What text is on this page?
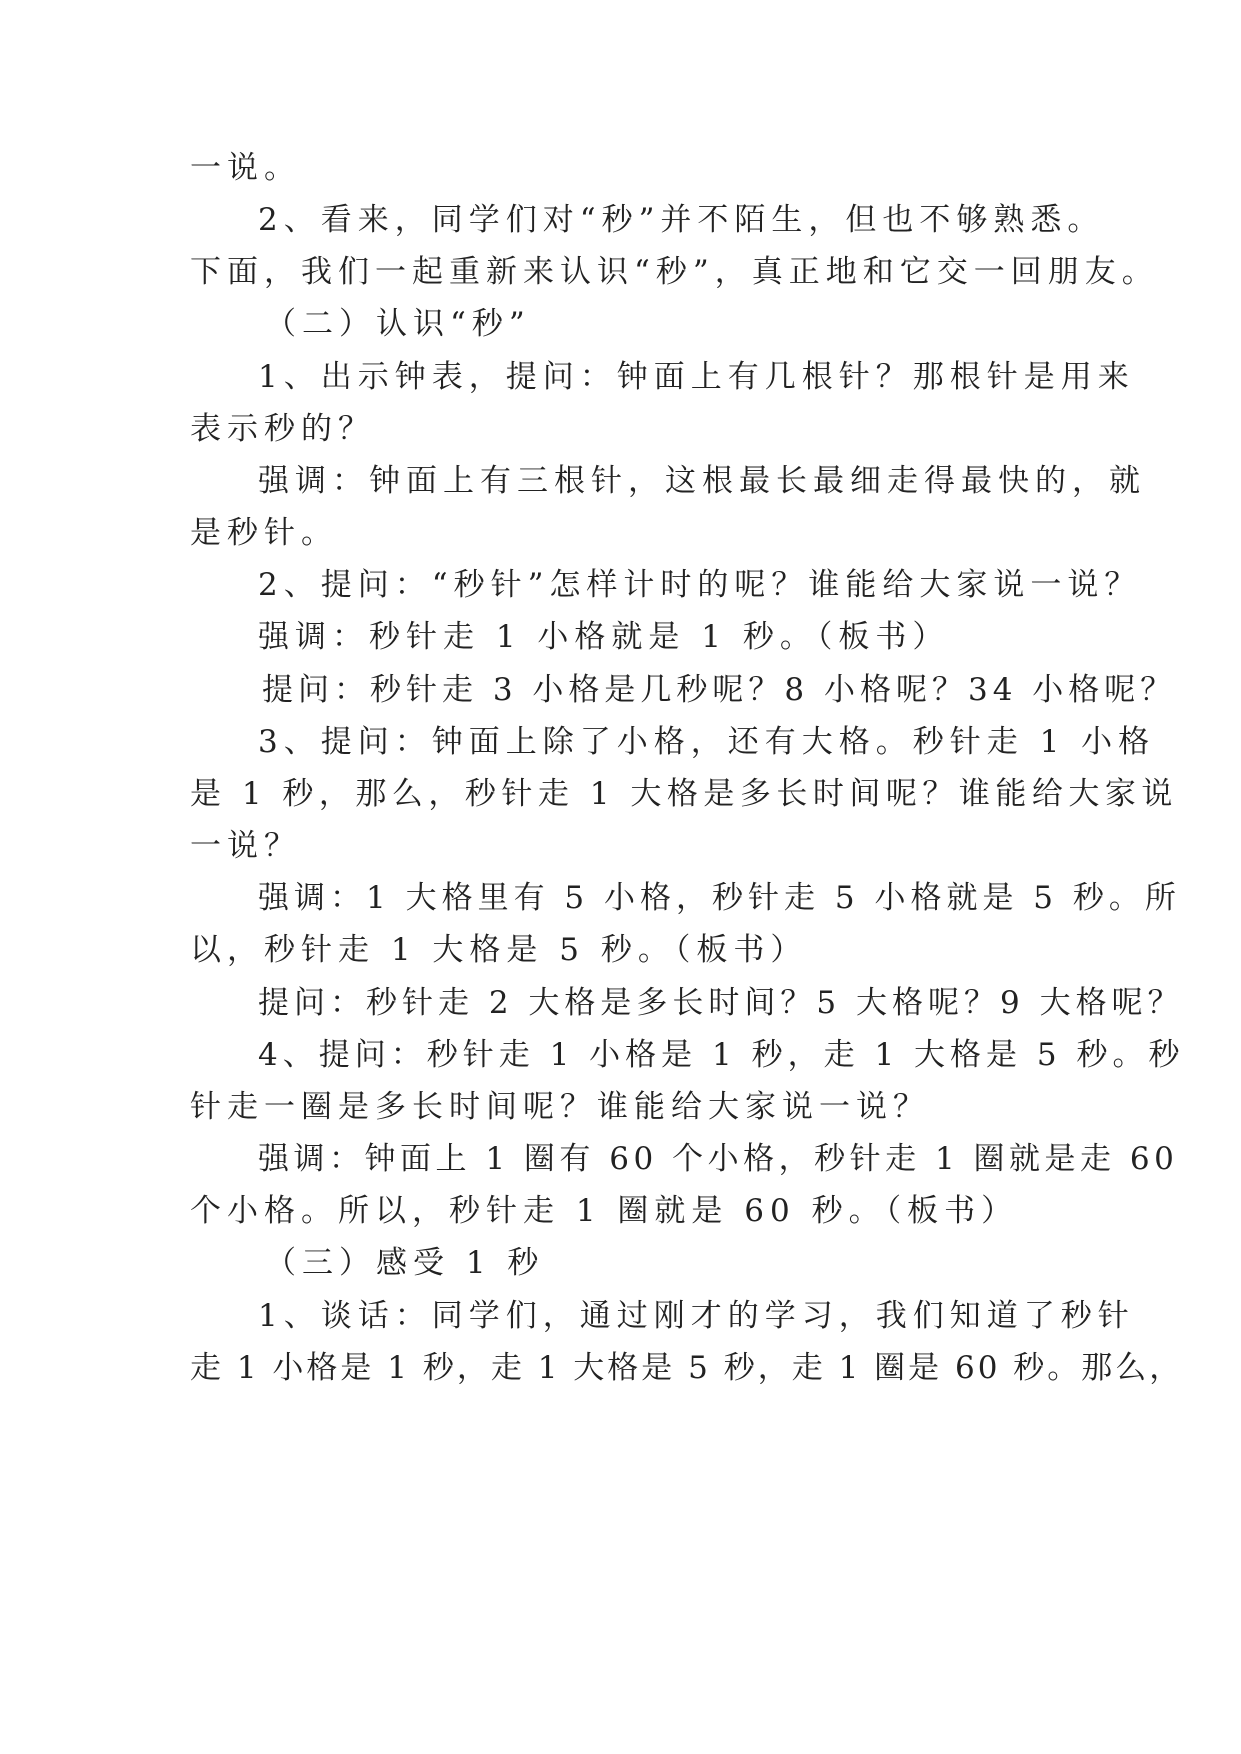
一说。
2、看来，同学们对“秒”并不陌生，但也不够熟悉。
下面，我们一起重新来认识“秒”，真正地和它交一回朋友。
（二）认识“秒”
1、出示钟表，提问：钟面上有几根针？那根针是用来
表示秒的？
强调：钟面上有三根针，这根最长最细走得最快的，就
是秒针。
2、提问：“秒针”怎样计时的呢？谁能给大家说一说？
强调：秒针走 1 小格就是 1 秒。（板书）
提问：秒针走 3 小格是几秒呢？8 小格呢？34 小格呢？
3、提问：钟面上除了小格，还有大格。秒针走 1 小格
是 1 秒，那么，秒针走 1 大格是多长时间呢？谁能给大家说
一说？
强调：1 大格里有 5 小格，秒针走 5 小格就是 5 秒。所
以，秒针走 1 大格是 5 秒。（板书）
提问：秒针走 2 大格是多长时间？5 大格呢？9 大格呢？
4、提问：秒针走 1 小格是 1 秒，走 1 大格是 5 秒。秒
针走一圈是多长时间呢？谁能给大家说一说？
强调：钟面上 1 圈有 60 个小格，秒针走 1 圈就是走 60
个小格。所以，秒针走 1 圈就是 60 秒。（板书）
（三）感受 1 秒
1、谈话：同学们，通过刚才的学习，我们知道了秒针
走 1 小格是 1 秒，走 1 大格是 5 秒，走 1 圈是 60 秒。那么，
